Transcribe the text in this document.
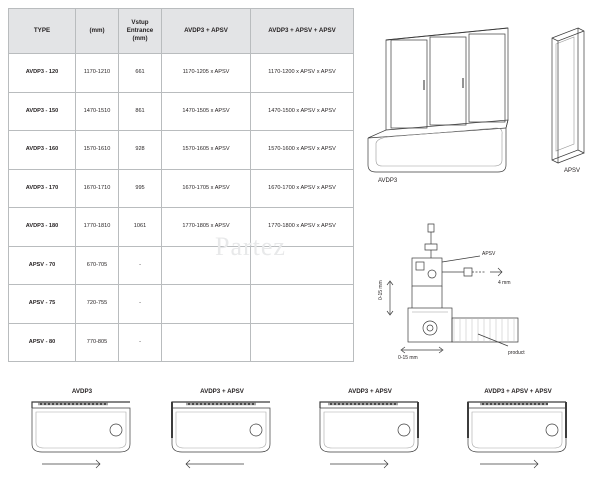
TYPE	(mm)	Vstup
Entrance
(mm)	AVDP3 + APSV	AVDP3 + APSV + APSV
AVDP3 - 120	1170-1210	661	1170-1205 x APSV	1170-1200 x APSV x APSV
AVDP3 - 150	1470-1510	861	1470-1505 x APSV	1470-1500 x APSV x APSV
AVDP3 - 160	1570-1610	928	1570-1605 x APSV	1570-1600 x APSV x APSV
AVDP3 - 170	1670-1710	995	1670-1705 x APSV	1670-1700 x APSV x APSV
AVDP3 - 180	1770-1810	1061	1770-1805 x APSV	1770-1800 x APSV x APSV
APSV - 70	670-705	-		
APSV - 75	720-755	-		
APSV - 80	770-805	-		
Partez
AVDP3
APSV
APSV
4 mm
product
0-15 mm
0-15 mm
AVDP3	AVDP3 + APSV	AVDP3 + APSV	AVDP3 + APSV + APSV
